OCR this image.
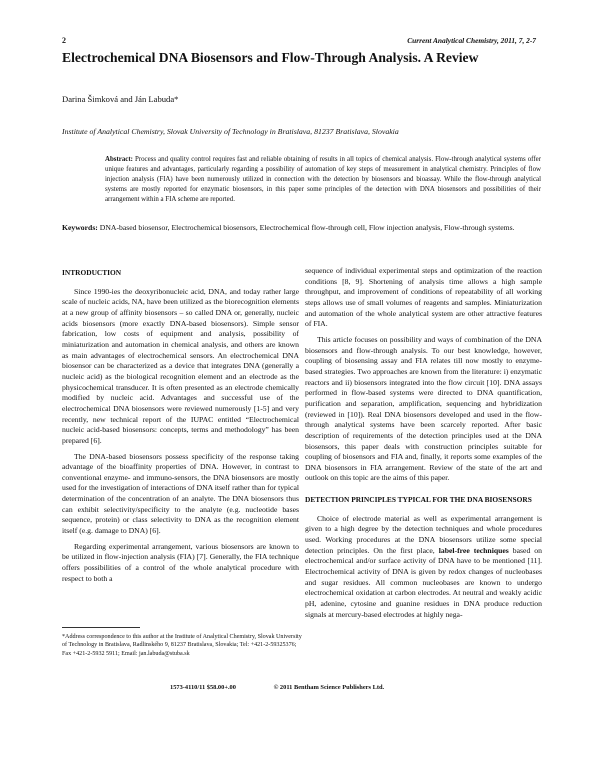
2	Current Analytical Chemistry, 2011, 7, 2-7
Electrochemical DNA Biosensors and Flow-Through Analysis. A Review
Darina Šimková and Ján Labuda*
Institute of Analytical Chemistry, Slovak University of Technology in Bratislava, 81237 Bratislava, Slovakia
Abstract: Process and quality control requires fast and reliable obtaining of results in all topics of chemical analysis. Flow-through analytical systems offer unique features and advantages, particularly regarding a possibility of automation of key steps of measurement in analytical chemistry. Principles of flow injection analysis (FIA) have been numerously utilized in connection with the detection by biosensors and bioassay. While the flow-through analytical systems are mostly reported for enzymatic biosensors, in this paper some principles of the detection with DNA biosensors and possibilities of their arrangement within a FIA scheme are reported.
Keywords: DNA-based biosensor, Electrochemical biosensors, Electrochemical flow-through cell, Flow injection analysis, Flow-through systems.

INTRODUCTION

Since 1990-ies the deoxyribonucleic acid, DNA, and today rather large scale of nucleic acids, NA, have been utilized as the biorecognition elements at a new group of affinity biosensors – so called DNA or, generally, nucleic acids biosensors (more exactly DNA-based biosensors). Simple sensor fabrication, low costs of equipment and analysis, possibility of miniaturization and automation in chemical analysis, and others are known as main advantages of electrochemical sensors. An electrochemical DNA biosensor can be characterized as a device that integrates DNA (generally a nucleic acid) as the biological recognition element and an electrode as the physicochemical transducer. It is often presented as an electrode chemically modified by nucleic acid. Advantages and successful use of the electrochemical DNA biosensors were reviewed numerously [1-5] and very recently, new technical report of the IUPAC entitled “Electrochemical nucleic acid-based biosensors: concepts, terms and methodology” has been prepared [6].

The DNA-based biosensors possess specificity of the response taking advantage of the bioaffinity properties of DNA. However, in contrast to conventional enzyme- and immuno-sensors, the DNA biosensors are mostly used for the investigation of interactions of DNA itself rather than for typical determination of the concentration of an analyte. The DNA biosensors thus can exhibit selectivity/specificity to the analyte (e.g. nucleotide bases sequence, protein) or class selectivity to DNA as the recognition element itself (e.g. damage to DNA) [6].

Regarding experimental arrangement, various biosensors are known to be utilized in flow-injection analysis (FIA) [7]. Generally, the FIA technique offers possibilities of a control of the whole analytical procedure with respect to both a

sequence of individual experimental steps and optimization of the reaction conditions [8, 9]. Shortening of analysis time allows a high sample throughput, and improvement of conditions of repeatability of all working steps allows use of small volumes of reagents and samples. Miniaturization and automation of the whole analytical system are other attractive features of FIA.

This article focuses on possibility and ways of combination of the DNA biosensors and flow-through analysis. To our best knowledge, however, coupling of biosensing assay and FIA relates till now mostly to enzyme-based strategies. Two approaches are known from the literature: i) enzymatic reactors and ii) biosensors integrated into the flow circuit [10]. DNA assays performed in flow-based systems were directed to DNA quantification, purification and separation, amplification, sequencing and hybridization (reviewed in [10]). Real DNA biosensors developed and used in the flow-through analytical systems have been scarcely reported. After basic description of requirements of the detection principles used at the DNA biosensors, this paper deals with construction principles suitable for coupling of biosensors and FIA and, finally, it reports some examples of the DNA biosensors in FIA arrangement. Review of the state of the art and outlook on this topic are the aims of this paper.

DETECTION PRINCIPLES TYPICAL FOR THE DNA BIOSENSORS

Choice of electrode material as well as experimental arrangement is given to a high degree by the detection techniques and whole procedures used. Working procedures at the DNA biosensors utilize some special detection principles. On the first place, label-free techniques based on electrochemical and/or surface activity of DNA have to be mentioned [11]. Electrochemical activity of DNA is given by redox changes of nucleobases and sugar residues. All common nucleobases are known to undergo electrochemical oxidation at carbon electrodes. At neutral and weakly acidic pH, adenine, cytosine and guanine residues in DNA produce reduction signals at mercury-based electrodes at highly nega-

*Address correspondence to this author at the Institute of Analytical Chemistry, Slovak University of Technology in Bratislava, Radlinského 9, 81237 Bratislava, Slovakia; Tel: +421-2-59325376; Fax +421-2-5932 5911; Email: jan.labuda@stuba.sk
1573-4110/11 $58.00+.00	© 2011 Bentham Science Publishers Ltd.
